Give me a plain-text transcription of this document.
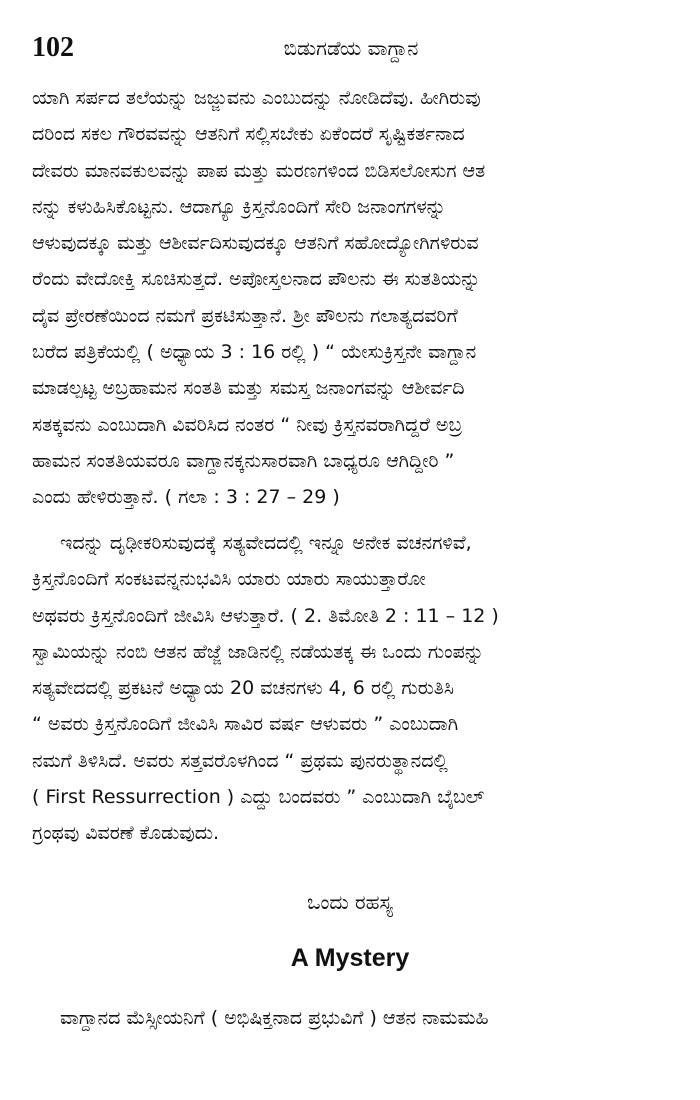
102	ಬಿಡುಗಡೆಯ ವಾಗ್ದಾನ
ಯಾಗಿ ಸರ್ಪದ ತಲೆಯನ್ನು ಜಜ್ಜುವನು ಎಂಬುದನ್ನು ನೋಡಿದೆವು. ಹೀಗಿರುವು
ದರಿಂದ ಸಕಲ ಗೌರವವನ್ನು ಆತನಿಗೆ ಸಲ್ಲಿಸಬೇಕು ಏಕೆಂದರೆ ಸೃಷ್ಟಿಕರ್ತನಾದ
ದೇವರು ಮಾನವಕುಲವನ್ನು ಪಾಪ ಮತ್ತು ಮರಣಗಳಿಂದ ಬಿಡಿಸಲೋಸುಗ ಆತ
ನನ್ನು ಕಳುಹಿಸಿಕೊಟ್ಟನು. ಆದಾಗ್ಯೂ ಕ್ರಿಸ್ತನೊಂದಿಗೆ ಸೇರಿ ಜನಾಂಗಗಳನ್ನು
ಆಳುವುದಕ್ಕೂ ಮತ್ತು ಆಶೀರ್ವದಿಸುವುದಕ್ಕೂ ಆತನಿಗೆ ಸಹೋದ್ಯೋಗಿಗಳಿರುವ
ರೆಂದು ವೇದೋಕ್ತಿ ಸೂಚಿಸುತ್ತದೆ. ಅಪೋಸ್ತಲನಾದ ಪೌಲನು ಈ ಸುತತಿಯನ್ನು
ದೈವ ಪ್ರೇರಣೆಯಿಂದ ನಮಗೆ ಪ್ರಕಟಿಸುತ್ತಾನೆ. ಶ್ರೀ ಪೌಲನು ಗಲಾತ್ಯದವರಿಗೆ
ಬರೆದ ಪತ್ರಿಕೆಯಲ್ಲಿ ( ಅಧ್ಯಾಯ 3 : 16 ರಲ್ಲಿ ) “ ಯೇಸುಕ್ರಿಸ್ತನೇ ವಾಗ್ದಾನ
ಮಾಡಲ್ಪಟ್ಟ ಅಬ್ರಹಾಮನ ಸಂತತಿ ಮತ್ತು ಸಮಸ್ತ ಜನಾಂಗವನ್ನು ಆಶೀರ್ವದಿ
ಸತಕ್ಕವನು ಎಂಬುದಾಗಿ ವಿವರಿಸಿದ ನಂತರ “ ನೀವು ಕ್ರಿಸ್ತನವರಾಗಿದ್ದರೆ ಅಬ್ರ
ಹಾಮನ ಸಂತತಿಯವರೂ ವಾಗ್ದಾನಕ್ಕನುಸಾರವಾಗಿ ಬಾಧ್ಯರೂ ಆಗಿದ್ದೀರಿ ”
ಎಂದು ಹೇಳಿರುತ್ತಾನೆ. ( ಗಲಾ : 3 : 27 – 29 )
ಇದನ್ನು ದೃಢೀಕರಿಸುವುದಕ್ಕೆ ಸತ್ಯವೇದದಲ್ಲಿ ಇನ್ನೂ ಅನೇಕ ವಚನಗಳಿವೆ,
ಕ್ರಿಸ್ತನೊಂದಿಗೆ ಸಂಕಟವನ್ನನುಭವಿಸಿ ಯಾರು ಯಾರು ಸಾಯುತ್ತಾರೋ
ಅಥವರು ಕ್ರಿಸ್ತನೊಂದಿಗೆ ಜೀವಿಸಿ ಆಳುತ್ತಾರೆ. ( 2. ತಿಮೋತಿ 2 : 11 – 12 )
ಸ್ವಾಮಿಯನ್ನು ನಂಬಿ ಆತನ ಹೆಜ್ಜೆ ಜಾಡಿನಲ್ಲಿ ನಡೆಯತಕ್ಕ ಈ ಒಂದು ಗುಂಪನ್ನು
ಸತ್ಯವೇದದಲ್ಲಿ ಪ್ರಕಟನೆ ಅಧ್ಯಾಯ 20 ವಚನಗಳು 4, 6 ರಲ್ಲಿ ಗುರುತಿಸಿ
“ ಅವರು ಕ್ರಿಸ್ತನೊಂದಿಗೆ ಜೀವಿಸಿ ಸಾವಿರ ವರ್ಷ ಆಳುವರು ” ಎಂಬುದಾಗಿ
ನಮಗೆ ತಿಳಿಸಿದೆ. ಅವರು ಸತ್ತವರೊಳಗಿಂದ “ ಪ್ರಥಮ ಪುನರುತ್ಥಾನದಲ್ಲಿ
( First Ressurrection ) ಎದ್ದು ಬಂದವರು ” ಎಂಬುದಾಗಿ ಬೈಬಲ್
ಗ್ರಂಥವು ವಿವರಣೆ ಕೊಡುವುದು.
ಒಂದು ರಹಸ್ಯ
A Mystery
ವಾಗ್ದಾನದ ಮೆಸ್ಸೀಯನಿಗೆ ( ಅಭಿಷಿಕ್ತನಾದ ಪ್ರಭುವಿಗೆ ) ಆತನ ನಾಮಮಹಿ
